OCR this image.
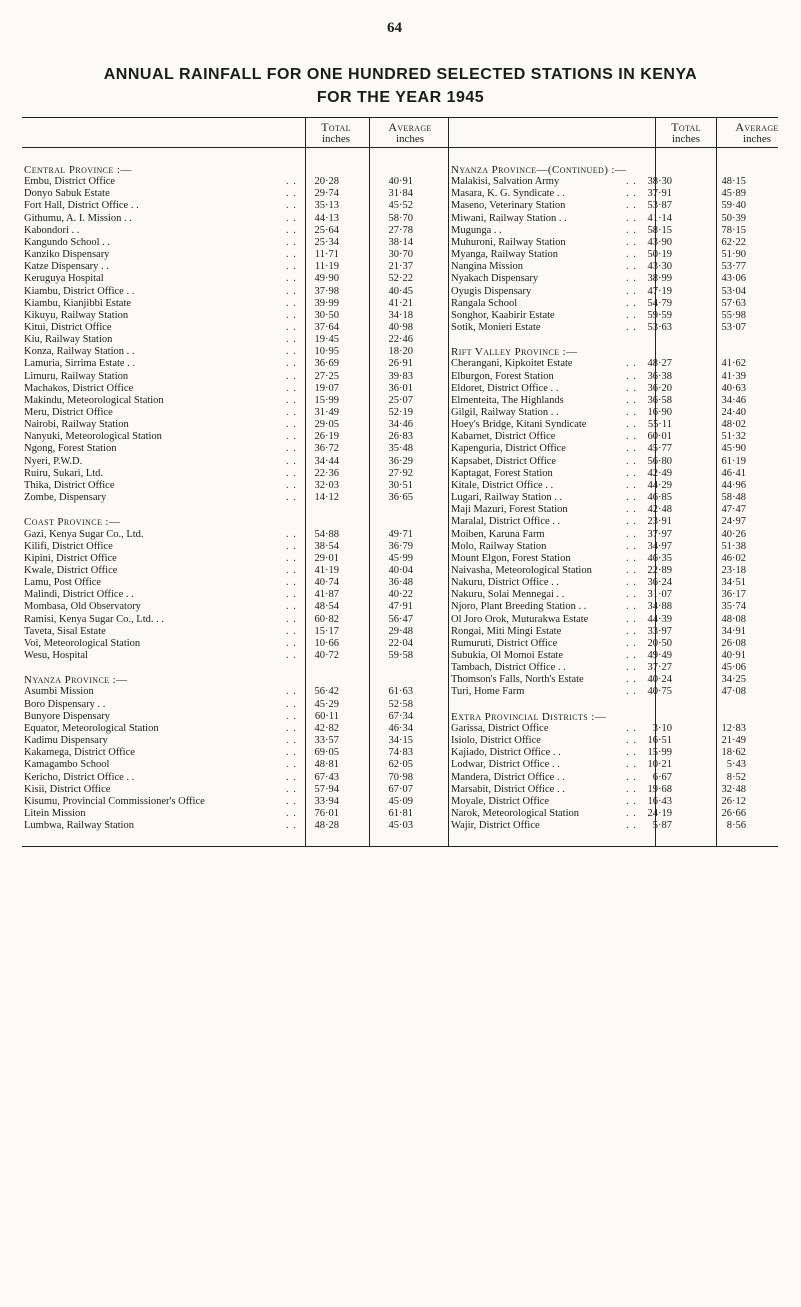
64
ANNUAL RAINFALL FOR ONE HUNDRED SELECTED STATIONS IN KENYA
FOR THE YEAR 1945
Total
inches
Average
inches
Total
inches
Average
inches
Central Province :—
Embu, District Office	. .	20·28	40·91
Donyo Sabuk Estate	. .	29·74	31·84
Fort Hall, District Office . .	. .	35·13	45·52
Githumu, A. I. Mission . .	. .	44·13	58·70
Kabondori . .	. .	25·64	27·78
Kangundo School . .	. .	25·34	38·14
Kanziko Dispensary	. .	11·71	30·70
Katze Dispensary . .	. .	11·19	21·37
Keruguya Hospital	. .	49·90	52·22
Kiambu, District Office . .	. .	37·98	40·45
Kiambu, Kianjibbi Estate	. .	39·99	41·21
Kikuyu, Railway Station	. .	30·50	34·18
Kitui, District Office	. .	37·64	40·98
Kiu, Railway Station	. .	19·45	22·46
Konza, Railway Station . .	. .	10·95	18·20
Lamuria, Sirrima Estate . .	. .	36·69	26·91
Limuru, Railway Station	. .	27·25	39·83
Machakos, District Office	. .	19·07	36·01
Makindu, Meteorological Station	. .	15·99	25·07
Meru, District Office	. .	31·49	52·19
Nairobi, Railway Station	. .	29·05	34·46
Nanyuki, Meteorological Station	. .	26·19	26·83
Ngong, Forest Station	. .	36·72	35·48
Nyeri, P.W.D.	. .	34·44	36·29
Ruiru, Sukari, Ltd.	. .	22·36	27·92
Thika, District Office	. .	32·03	30·51
Zombe, Dispensary	. .	14·12	36·65
Coast Province :—
Gazi, Kenya Sugar Co., Ltd.	. .	54·88	49·71
Kilifi, District Office	. .	38·54	36·79
Kipini, District Office	. .	29·01	45·99
Kwale, District Office	. .	41·19	40·04
Lamu, Post Office	. .	40·74	36·48
Malindi, District Office . .	. .	41·87	40·22
Mombasa, Old Observatory	. .	48·54	47·91
Ramisi, Kenya Sugar Co., Ltd. . .	. .	60·82	56·47
Taveta, Sisal Estate	. .	15·17	29·48
Voi, Meteorological Station	. .	10·66	22·04
Wesu, Hospital	. .	40·72	59·58
Nyanza Province :—
Asumbi Mission	. .	56·42	61·63
Boro Dispensary . .	. .	45·29	52·58
Bunyore Dispensary	. .	60·11	67·34
Equator, Meteorological Station	. .	42·82	46·34
Kadimu Dispensary	. .	33·57	34·15
Kakamega, District Office	. .	69·05	74·83
Kamagambo School	. .	48·81	62·05
Kericho, District Office . .	. .	67·43	70·98
Kisii, District Office	. .	57·94	67·07
Kisumu, Provincial Commissioner's Office	. .	33·94	45·09
Litein Mission	. .	76·01	61·81
Lumbwa, Railway Station	. .	48·28	45·03
Nyanza Province—(Continued) :—
Malakisi, Salvation Army	. .	38·30	48·15
Masara, K. G. Syndicate . .	. .	37·91	45·89
Maseno, Veterinary Station	. .	53·87	59·40
Miwani, Railway Station . .	. .	41·14	50·39
Mugunga . .	. .	58·15	78·15
Muhuroni, Railway Station	. .	43·90	62·22
Myanga, Railway Station	. .	50·19	51·90
Nangina Mission	. .	43·30	53·77
Nyakach Dispensary	. .	38·99	43·06
Oyugis Dispensary	. .	47·19	53·04
Rangala School	. .	54·79	57·63
Songhor, Kaabirir Estate	. .	59·59	55·98
Sotik, Monieri Estate	. .	53·63	53·07
Rift Valley Province :—
Cherangani, Kipkoitet Estate	. .	48·27	41·62
Elburgon, Forest Station	. .	36·38	41·39
Eldoret, District Office . .	. .	36·20	40·63
Elmenteita, The Highlands	. .	36·58	34·46
Gilgil, Railway Station . .	. .	16·90	24·40
Hoey's Bridge, Kitani Syndicate	. .	55·11	48·02
Kabarnet, District Office	. .	60·01	51·32
Kapenguria, District Office	. .	45·77	45·90
Kapsabet, District Office	. .	56·80	61·19
Kaptagat, Forest Station	. .	42·49	46·41
Kitale, District Office . .	. .	44·29	44·96
Lugari, Railway Station . .	. .	46·85	58·48
Maji Mazuri, Forest Station	. .	42·48	47·47
Maralal, District Office . .	. .	23·91	24·97
Moiben, Karuna Farm	. .	37·97	40·26
Molo, Railway Station	. .	34·97	51·38
Mount Elgon, Forest Station	. .	46·35	46·02
Naivasha, Meteorological Station	. .	22·89	23·18
Nakuru, District Office . .	. .	36·24	34·51
Nakuru, Solai Mennegai . .	. .	31·07	36·17
Njoro, Plant Breeding Station . .	. .	34·88	35·74
Ol Joro Orok, Muturakwa Estate	. .	44·39	48·08
Rongai, Miti Mingi Estate	. .	33·97	34·91
Rumuruti, District Office	. .	20·50	26·08
Subukia, Ol Momoi Estate	. .	49·49	40·91
Tambach, District Office . .	. .	37·27	45·06
Thomson's Falls, North's Estate	. .	40·24	34·25
Turi, Home Farm	. .	40·75	47·08
Extra Provincial Districts :—
Garissa, District Office	. .	3·10	12·83
Isiolo, District Office	. .	16·51	21·49
Kajiado, District Office . .	. .	15·99	18·62
Lodwar, District Office . .	. .	10·21	5·43
Mandera, District Office . .	. .	6·67	8·52
Marsabit, District Office . .	. .	19·68	32·48
Moyale, District Office	. .	16·43	26·12
Narok, Meteorological Station	. .	24·19	26·66
Wajir, District Office	. .	5·87	8·56
